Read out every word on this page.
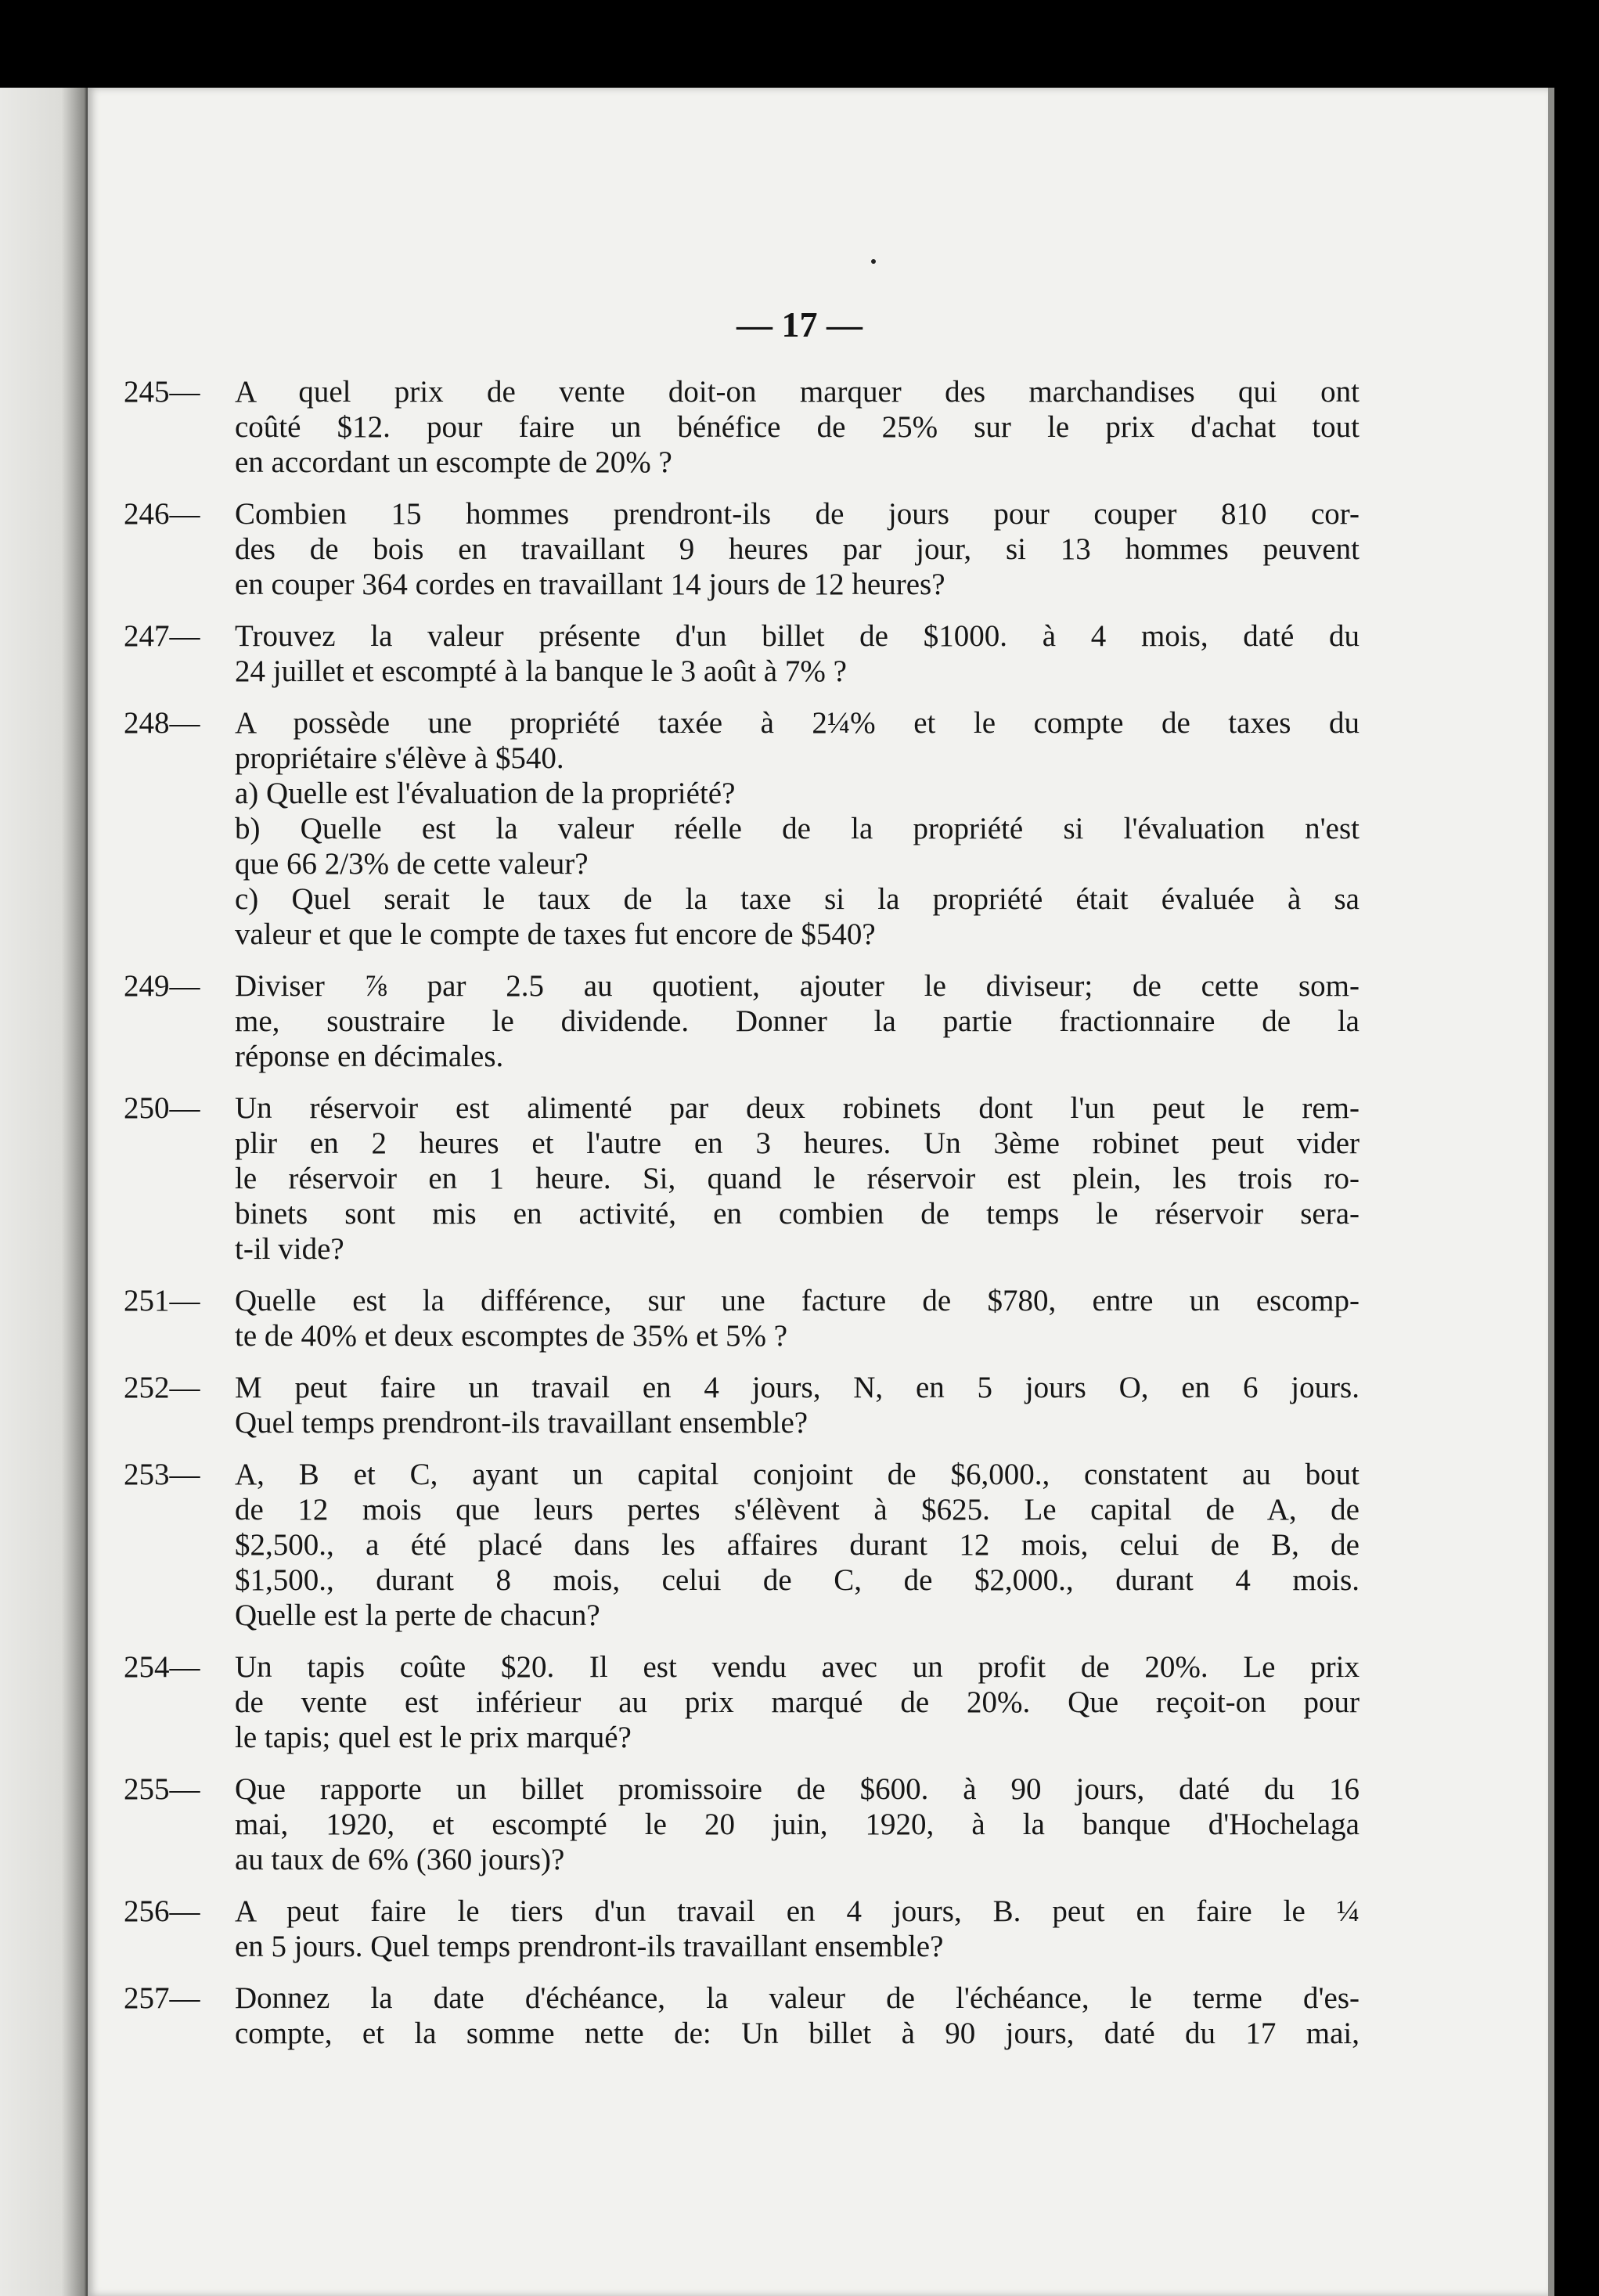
— 17 —

245— A quel prix de vente doit-on marquer des marchandises qui ont
coûté $12. pour faire un bénéfice de 25% sur le prix d'achat tout
en accordant un escompte de 20% ?
246— Combien 15 hommes prendront-ils de jours pour couper 810 cor-
des de bois en travaillant 9 heures par jour, si 13 hommes peuvent
en couper 364 cordes en travaillant 14 jours de 12 heures?
247— Trouvez la valeur présente d'un billet de $1000. à 4 mois, daté du
24 juillet et escompté à la banque le 3 août à 7% ?
248— A possède une propriété taxée à 2¼% et le compte de taxes du
propriétaire s'élève à $540.
a) Quelle est l'évaluation de la propriété?
b) Quelle est la valeur réelle de la propriété si l'évaluation n'est
que 66 2/3% de cette valeur?
c) Quel serait le taux de la taxe si la propriété était évaluée à sa
valeur et que le compte de taxes fut encore de $540?
249— Diviser ⅞ par 2.5 au quotient, ajouter le diviseur; de cette som-
me, soustraire le dividende. Donner la partie fractionnaire de la
réponse en décimales.
250— Un réservoir est alimenté par deux robinets dont l'un peut le rem-
plir en 2 heures et l'autre en 3 heures. Un 3ème robinet peut vider
le réservoir en 1 heure. Si, quand le réservoir est plein, les trois ro-
binets sont mis en activité, en combien de temps le réservoir sera-
t-il vide?
251— Quelle est la différence, sur une facture de $780, entre un escomp-
te de 40% et deux escomptes de 35% et 5% ?
252— M peut faire un travail en 4 jours, N, en 5 jours O, en 6 jours.
Quel temps prendront-ils travaillant ensemble?
253— A, B et C, ayant un capital conjoint de $6,000., constatent au bout
de 12 mois que leurs pertes s'élèvent à $625. Le capital de A, de
$2,500., a été placé dans les affaires durant 12 mois, celui de B, de
$1,500., durant 8 mois, celui de C, de $2,000., durant 4 mois.
Quelle est la perte de chacun?
254— Un tapis coûte $20. Il est vendu avec un profit de 20%. Le prix
de vente est inférieur au prix marqué de 20%. Que reçoit-on pour
le tapis; quel est le prix marqué?
255— Que rapporte un billet promissoire de $600. à 90 jours, daté du 16
mai, 1920, et escompté le 20 juin, 1920, à la banque d'Hochelaga
au taux de 6% (360 jours)?
256— A peut faire le tiers d'un travail en 4 jours, B. peut en faire le ¼
en 5 jours. Quel temps prendront-ils travaillant ensemble?
257— Donnez la date d'échéance, la valeur de l'échéance, le terme d'es-
compte, et la somme nette de: Un billet à 90 jours, daté du 17 mai,
